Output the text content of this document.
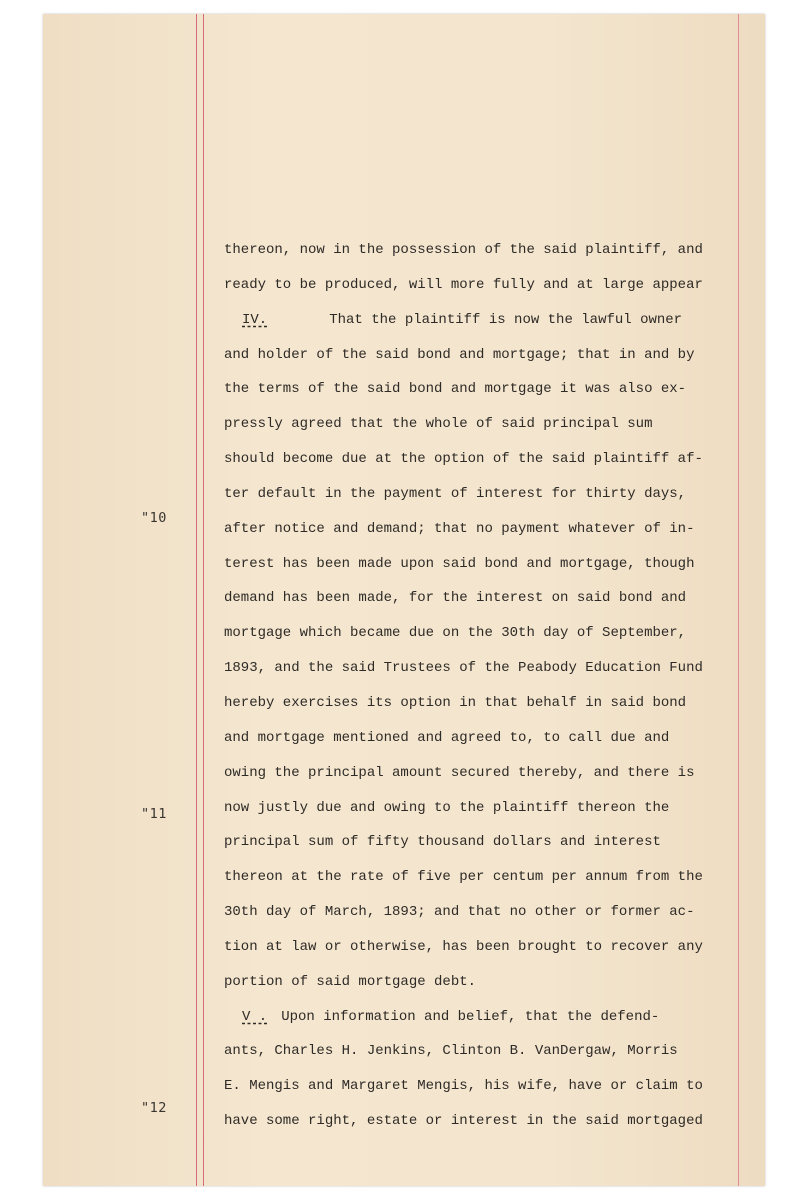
"10
"11
"12
thereon, now in the possession of the said plaintiff, and
ready to be produced, will more fully and at large appear
IV.	That the plaintiff is now the lawful owner
and holder of the said bond and mortgage; that in and by
the terms of the said bond and mortgage it was also ex-
pressly agreed that the whole of said principal sum
should become due at the option of the said plaintiff af-
ter default in the payment of interest for thirty days,
after notice and demand; that no payment whatever of in-
terest has been made upon said bond and mortgage, though
demand has been made, for the interest on said bond and
mortgage which became due on the 30th day of September,
1893, and the said Trustees of the Peabody Education Fund
hereby exercises its option in that behalf in said bond
and mortgage mentioned and agreed to, to call due and
owing the principal amount secured thereby, and there is
now justly due and owing to the plaintiff thereon the
principal sum of fifty thousand dollars and interest
thereon at the rate of five per centum per annum from the
30th day of March, 1893; and that no other or former ac-
tion at law or otherwise, has been brought to recover any
portion of said mortgage debt.
V . Upon information and belief, that the defend-
ants, Charles H. Jenkins, Clinton B. VanDergaw, Morris
E. Mengis and Margaret Mengis, his wife, have or claim to
have some right, estate or interest in the said mortgaged
